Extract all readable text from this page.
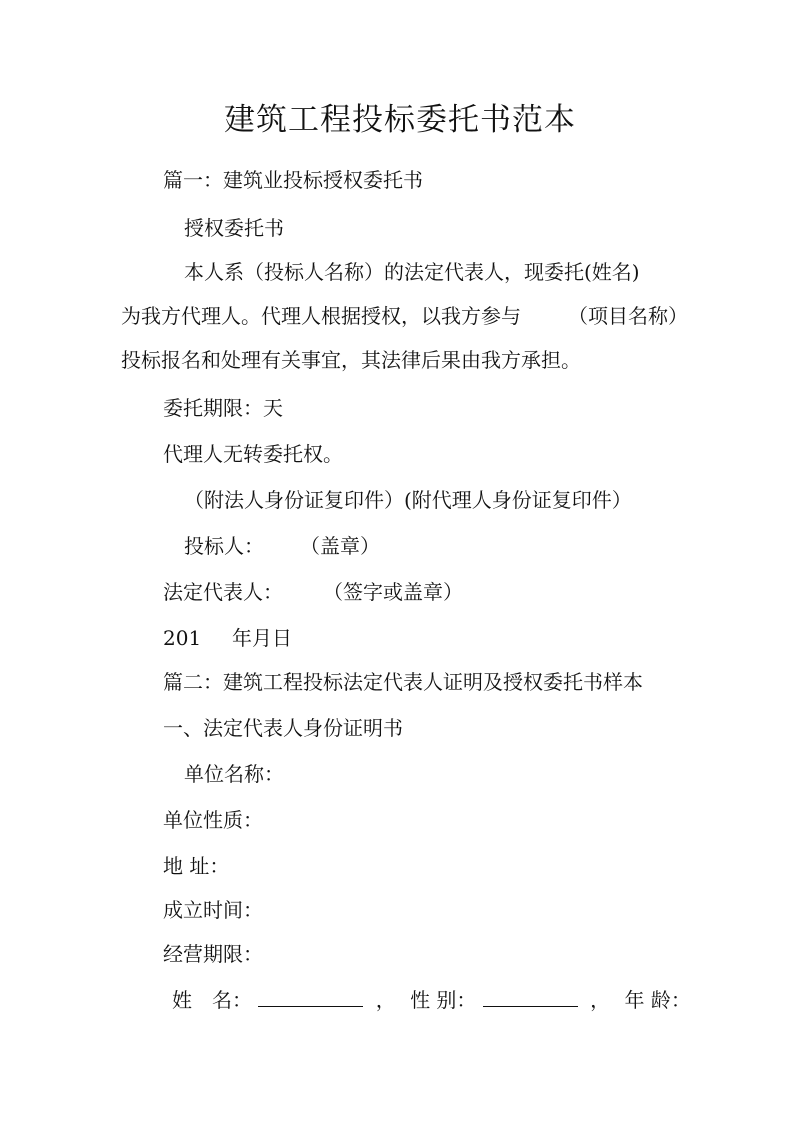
建筑工程投标委托书范本
篇一：建筑业投标授权委托书
授权委托书
本人系（投标人名称）的法定代表人，现委托(姓名)
为我方代理人。代理人根据授权，以我方参与 （项目名称）
投标报名和处理有关事宜，其法律后果由我方承担。
委托期限：天
代理人无转委托权。
（附法人身份证复印件）(附代理人身份证复印件）
投标人： （盖章）
法定代表人： （签字或盖章）
201 年月日
篇二：建筑工程投标法定代表人证明及授权委托书样本
一、法定代表人身份证明书
单位名称：
单位性质：
地 址：
成立时间：
经营期限：
姓　名：	， 性 别：	， 年 龄：
